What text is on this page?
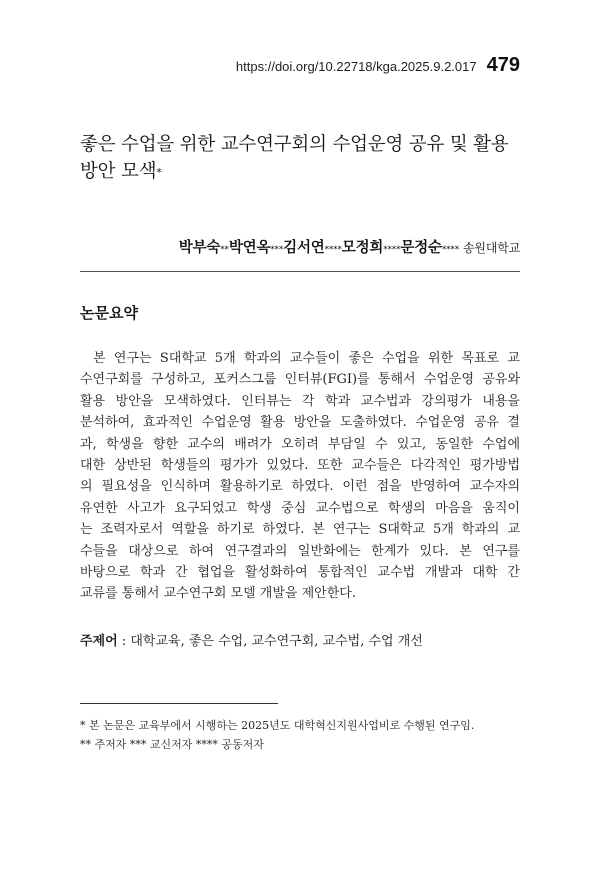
https://doi.org/10.22718/kga.2025.9.2.017 479
좋은 수업을 위한 교수연구회의 수업운영 공유 및 활용
방안 모색*
박부숙**박연옥***김서연****모정희****문정순**** 송원대학교
논문요약
본 연구는 S대학교 5개 학과의 교수들이 좋은 수업을 위한 목표로 교
수연구회를 구성하고, 포커스그룹 인터뷰(FGI)를 통해서 수업운영 공유와
활용 방안을 모색하였다. 인터뷰는 각 학과 교수법과 강의평가 내용을
분석하여, 효과적인 수업운영 활용 방안을 도출하였다. 수업운영 공유 결
과, 학생을 향한 교수의 배려가 오히려 부담일 수 있고, 동일한 수업에
대한 상반된 학생들의 평가가 있었다. 또한 교수들은 다각적인 평가방법
의 필요성을 인식하며 활용하기로 하였다. 이런 점을 반영하여 교수자의
유연한 사고가 요구되었고 학생 중심 교수법으로 학생의 마음을 움직이
는 조력자로서 역할을 하기로 하였다. 본 연구는 S대학교 5개 학과의 교
수들을 대상으로 하여 연구결과의 일반화에는 한계가 있다. 본 연구를
바탕으로 학과 간 협업을 활성화하여 통합적인 교수법 개발과 대학 간
교류를 통해서 교수연구회 모델 개발을 제안한다.
주제어 : 대학교육, 좋은 수업, 교수연구회, 교수법, 수업 개선
* 본 논문은 교육부에서 시행하는 2025년도 대학혁신지원사업비로 수행된 연구임.
** 주저자 *** 교신저자 **** 공동저자
